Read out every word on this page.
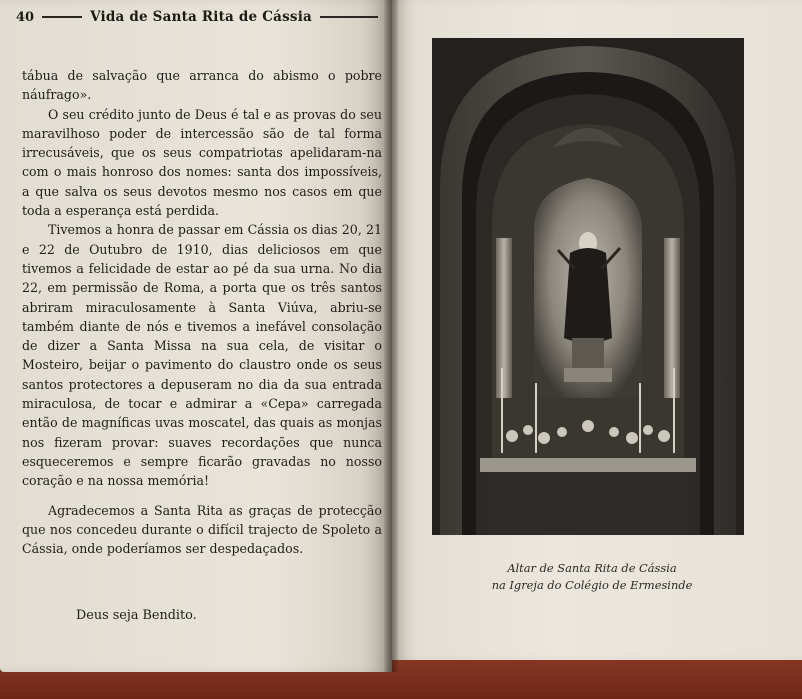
40	Vida de Santa Rita de Cássia

tábua de salvação que arranca do abismo o pobre náufrago».

O seu crédito junto de Deus é tal e as provas do seu maravilhoso poder de intercessão são de tal forma irrecusáveis, que os seus compatriotas apelidaram-na com o mais honroso dos nomes: santa dos impossíveis, a que salva os seus devotos mesmo nos casos em que toda a esperança está perdida.

Tivemos a honra de passar em Cássia os dias 20, 21 e 22 de Outubro de 1910, dias deliciosos em que tivemos a felicidade de estar ao pé da sua urna. No dia 22, em permissão de Roma, a porta que os três santos abriram miraculosamente à Santa Viúva, abriu-se também diante de nós e tivemos a inefável consolação de dizer a Santa Missa na sua cela, de visitar o Mosteiro, beijar o pavimento do claustro onde os seus santos protectores a depuseram no dia da sua entrada miraculosa, de tocar e admirar a «Cepa» carregada então de magníficas uvas moscatel, das quais as monjas nos fizeram provar: suaves recordações que nunca esqueceremos e sempre ficarão gravadas no nosso coração e na nossa memória!

Agradecemos a Santa Rita as graças de protecção que nos concedeu durante o difícil trajecto de Spoleto a Cássia, onde poderíamos ser despedaçados.

Deus seja Bendito.
Altar de Santa Rita de Cássia
na Igreja do Colégio de Ermesinde
